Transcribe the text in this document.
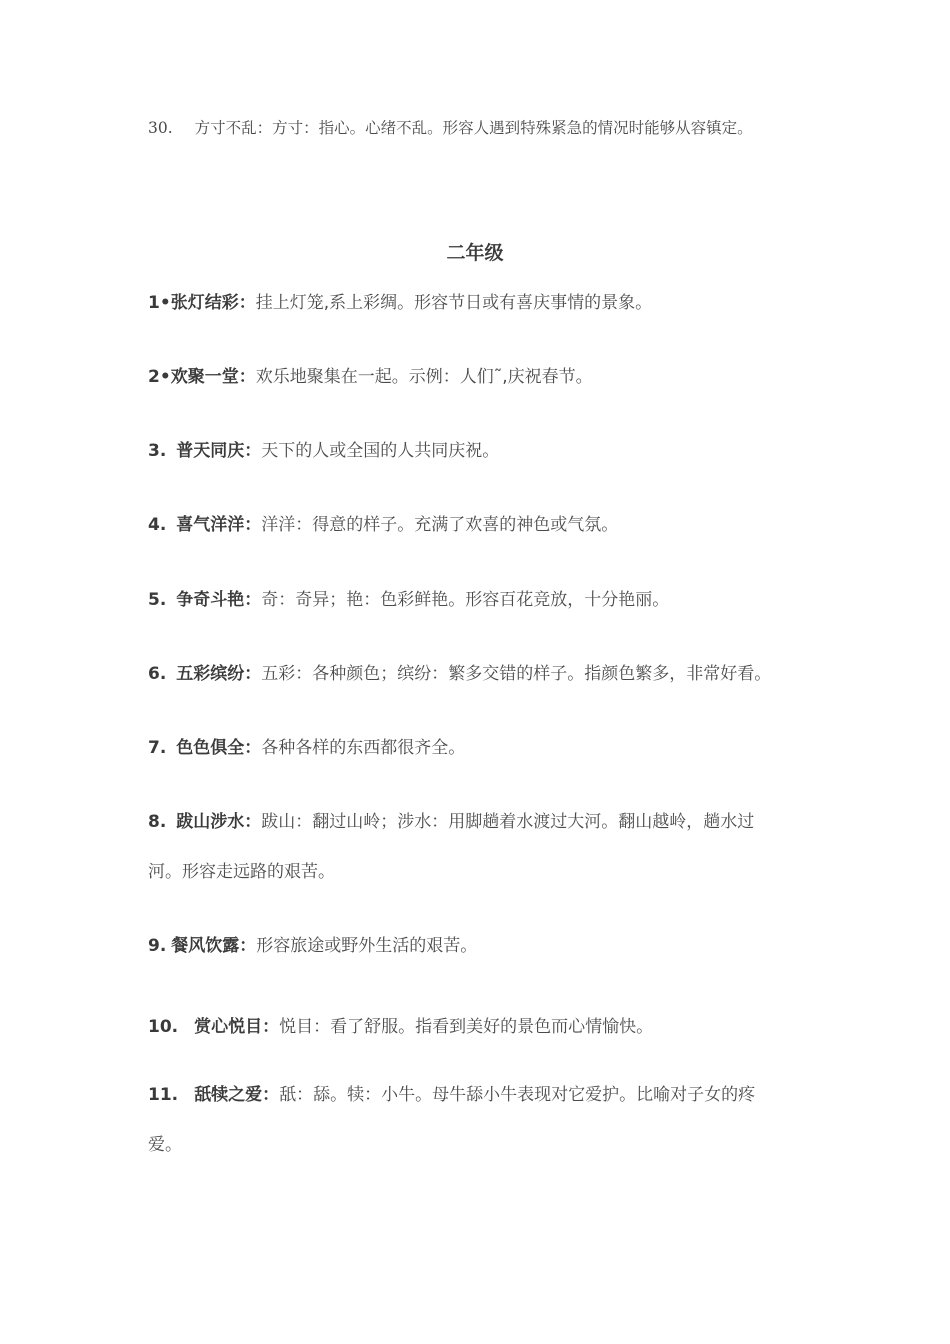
30. 方寸不乱：方寸：指心。心绪不乱。形容人遇到特殊紧急的情况时能够从容镇定。
二年级
1•张灯结彩：挂上灯笼,系上彩绸。形容节日或有喜庆事情的景象。
2•欢聚一堂：欢乐地聚集在一起。示例：人们˜,庆祝春节。
3. 普天同庆：天下的人或全国的人共同庆祝。
4. 喜气洋洋：洋洋：得意的样子。充满了欢喜的神色或气氛。
5. 争奇斗艳：奇：奇异；艳：色彩鲜艳。形容百花竞放，十分艳丽。
6. 五彩缤纷：五彩：各种颜色；缤纷：繁多交错的样子。指颜色繁多，非常好看。
7. 色色俱全：各种各样的东西都很齐全。
8. 跋山涉水：跋山：翻过山岭；涉水：用脚趟着水渡过大河。翻山越岭，趟水过
河。形容走远路的艰苦。
9. 餐风饮露：形容旅途或野外生活的艰苦。
10. 赏心悦目：悦目：看了舒服。指看到美好的景色而心情愉快。
11. 舐犊之爱：舐：舔。犊：小牛。母牛舔小牛表现对它爱护。比喻对子女的疼
爱。
